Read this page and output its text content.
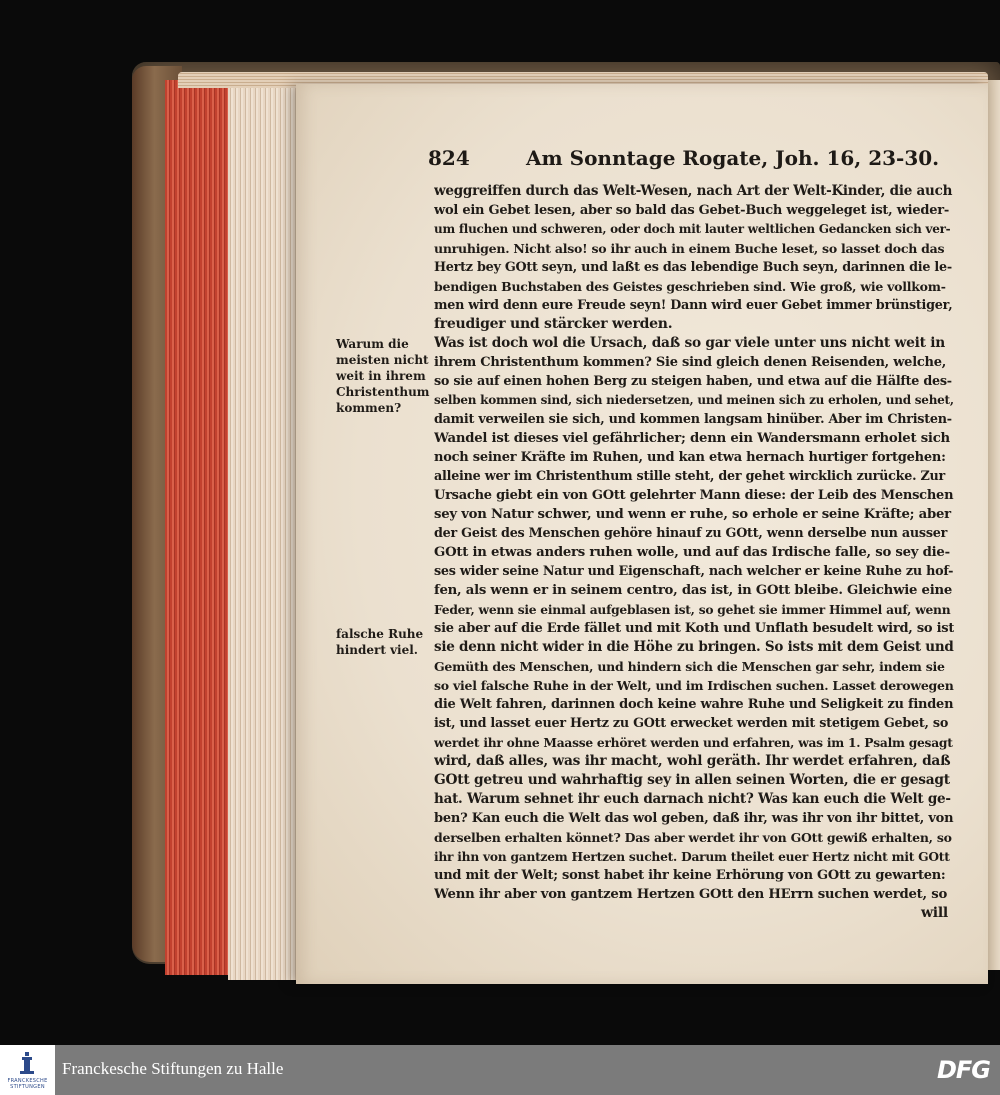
824	Am Sonntage Rogate, Joh. 16, 23-30.
Warum die
meisten nicht
weit in ihrem
Christenthum
kommen?
falsche Ruhe
hindert viel.
weggreiffen durch das Welt-Wesen, nach Art der Welt-Kinder, die auch
wol ein Gebet lesen, aber so bald das Gebet-Buch weggeleget ist, wieder-
um fluchen und schweren, oder doch mit lauter weltlichen Gedancken sich ver-
unruhigen. Nicht also! so ihr auch in einem Buche leset, so lasset doch das
Hertz bey GOtt seyn, und laßt es das lebendige Buch seyn, darinnen die le-
bendigen Buchstaben des Geistes geschrieben sind. Wie groß, wie vollkom-
men wird denn eure Freude seyn! Dann wird euer Gebet immer brünstiger,
freudiger und stärcker werden.
Was ist doch wol die Ursach, daß so gar viele unter uns nicht weit in
ihrem Christenthum kommen? Sie sind gleich denen Reisenden, welche,
so sie auf einen hohen Berg zu steigen haben, und etwa auf die Hälfte des-
selben kommen sind, sich niedersetzen, und meinen sich zu erholen, und sehet,
damit verweilen sie sich, und kommen langsam hinüber. Aber im Christen-
Wandel ist dieses viel gefährlicher; denn ein Wandersmann erholet sich
noch seiner Kräfte im Ruhen, und kan etwa hernach hurtiger fortgehen:
alleine wer im Christenthum stille steht, der gehet wircklich zurücke. Zur
Ursache giebt ein von GOtt gelehrter Mann diese: der Leib des Menschen
sey von Natur schwer, und wenn er ruhe, so erhole er seine Kräfte; aber
der Geist des Menschen gehöre hinauf zu GOtt, wenn derselbe nun ausser
GOtt in etwas anders ruhen wolle, und auf das Irdische falle, so sey die-
ses wider seine Natur und Eigenschaft, nach welcher er keine Ruhe zu hof-
fen, als wenn er in seinem centro, das ist, in GOtt bleibe. Gleichwie eine
Feder, wenn sie einmal aufgeblasen ist, so gehet sie immer Himmel auf, wenn
sie aber auf die Erde fället und mit Koth und Unflath besudelt wird, so ist
sie denn nicht wider in die Höhe zu bringen. So ists mit dem Geist und
Gemüth des Menschen, und hindern sich die Menschen gar sehr, indem sie
so viel falsche Ruhe in der Welt, und im Irdischen suchen. Lasset derowegen
die Welt fahren, darinnen doch keine wahre Ruhe und Seligkeit zu finden
ist, und lasset euer Hertz zu GOtt erwecket werden mit stetigem Gebet, so
werdet ihr ohne Maasse erhöret werden und erfahren, was im 1. Psalm gesagt
wird, daß alles, was ihr macht, wohl geräth. Ihr werdet erfahren, daß
GOtt getreu und wahrhaftig sey in allen seinen Worten, die er gesagt
hat. Warum sehnet ihr euch darnach nicht? Was kan euch die Welt ge-
ben? Kan euch die Welt das wol geben, daß ihr, was ihr von ihr bittet, von
derselben erhalten könnet? Das aber werdet ihr von GOtt gewiß erhalten, so
ihr ihn von gantzem Hertzen suchet. Darum theilet euer Hertz nicht mit GOtt
und mit der Welt; sonst habet ihr keine Erhörung von GOtt zu gewarten:
Wenn ihr aber von gantzem Hertzen GOtt den HErrn suchen werdet, so
will
FRANCKESCHE STIFTUNGEN
Franckesche Stiftungen zu Halle	DFG
